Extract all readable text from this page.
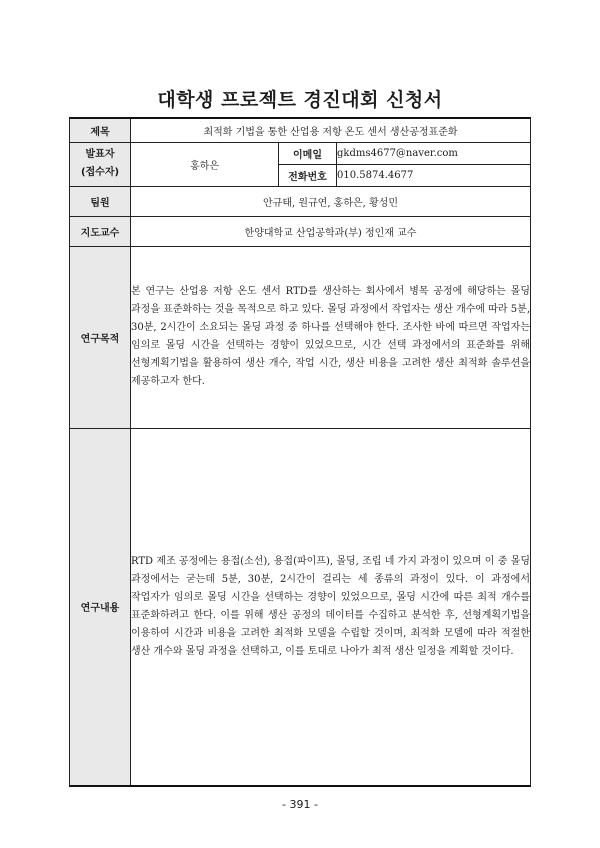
대학생 프로젝트 경진대회 신청서
제목	최적화 기법을 통한 산업용 저항 온도 센서 생산공정표준화		

발표자
(접수자)	홍하은	이메일	gkdms4677@naver.com
		전화번호	010.5874.4677
팀원	안규태, 원규연, 홍하은, 황성민		
지도교수	한양대학교 산업공학과(부) 정인재 교수		
연구목적	본 연구는 산업용 저항 온도 센서 RTD를 생산하는 회사에서 병목 공정에 해당하는 몰딩 과정을 표준화하는 것을 목적으로 하고 있다. 몰딩 과정에서 작업자는 생산 개수에 따라 5분, 30분, 2시간이 소요되는 몰딩 과정 중 하나를 선택해야 한다. 조사한 바에 따르면 작업자는 임의로 몰딩 시간을 선택하는 경향이 있었으므로, 시간 선택 과정에서의 표준화를 위해 선형계획기법을 활용하여 생산 개수, 작업 시간, 생산 비용을 고려한 생산 최적화 솔루션을 제공하고자 한다.		
연구내용	RTD 제조 공정에는 용접(소선), 용접(파이프), 몰딩, 조립 네 가지 과정이 있으며 이 중 몰딩 과정에서는 굳는데 5분, 30분, 2시간이 걸리는 세 종류의 과정이 있다. 이 과정에서 작업자가 임의로 몰딩 시간을 선택하는 경향이 있었으므로, 몰딩 시간에 따른 최적 개수를 표준화하려고 한다. 이를 위해 생산 공정의 데이터를 수집하고 분석한 후, 선형계획기법을 이용하여 시간과 비용을 고려한 최적화 모델을 수립할 것이며, 최적화 모델에 따라 적절한 생산 개수와 몰딩 과정을 선택하고, 이를 토대로 나아가 최적 생산 일정을 계획할 것이다.		
- 391 -
